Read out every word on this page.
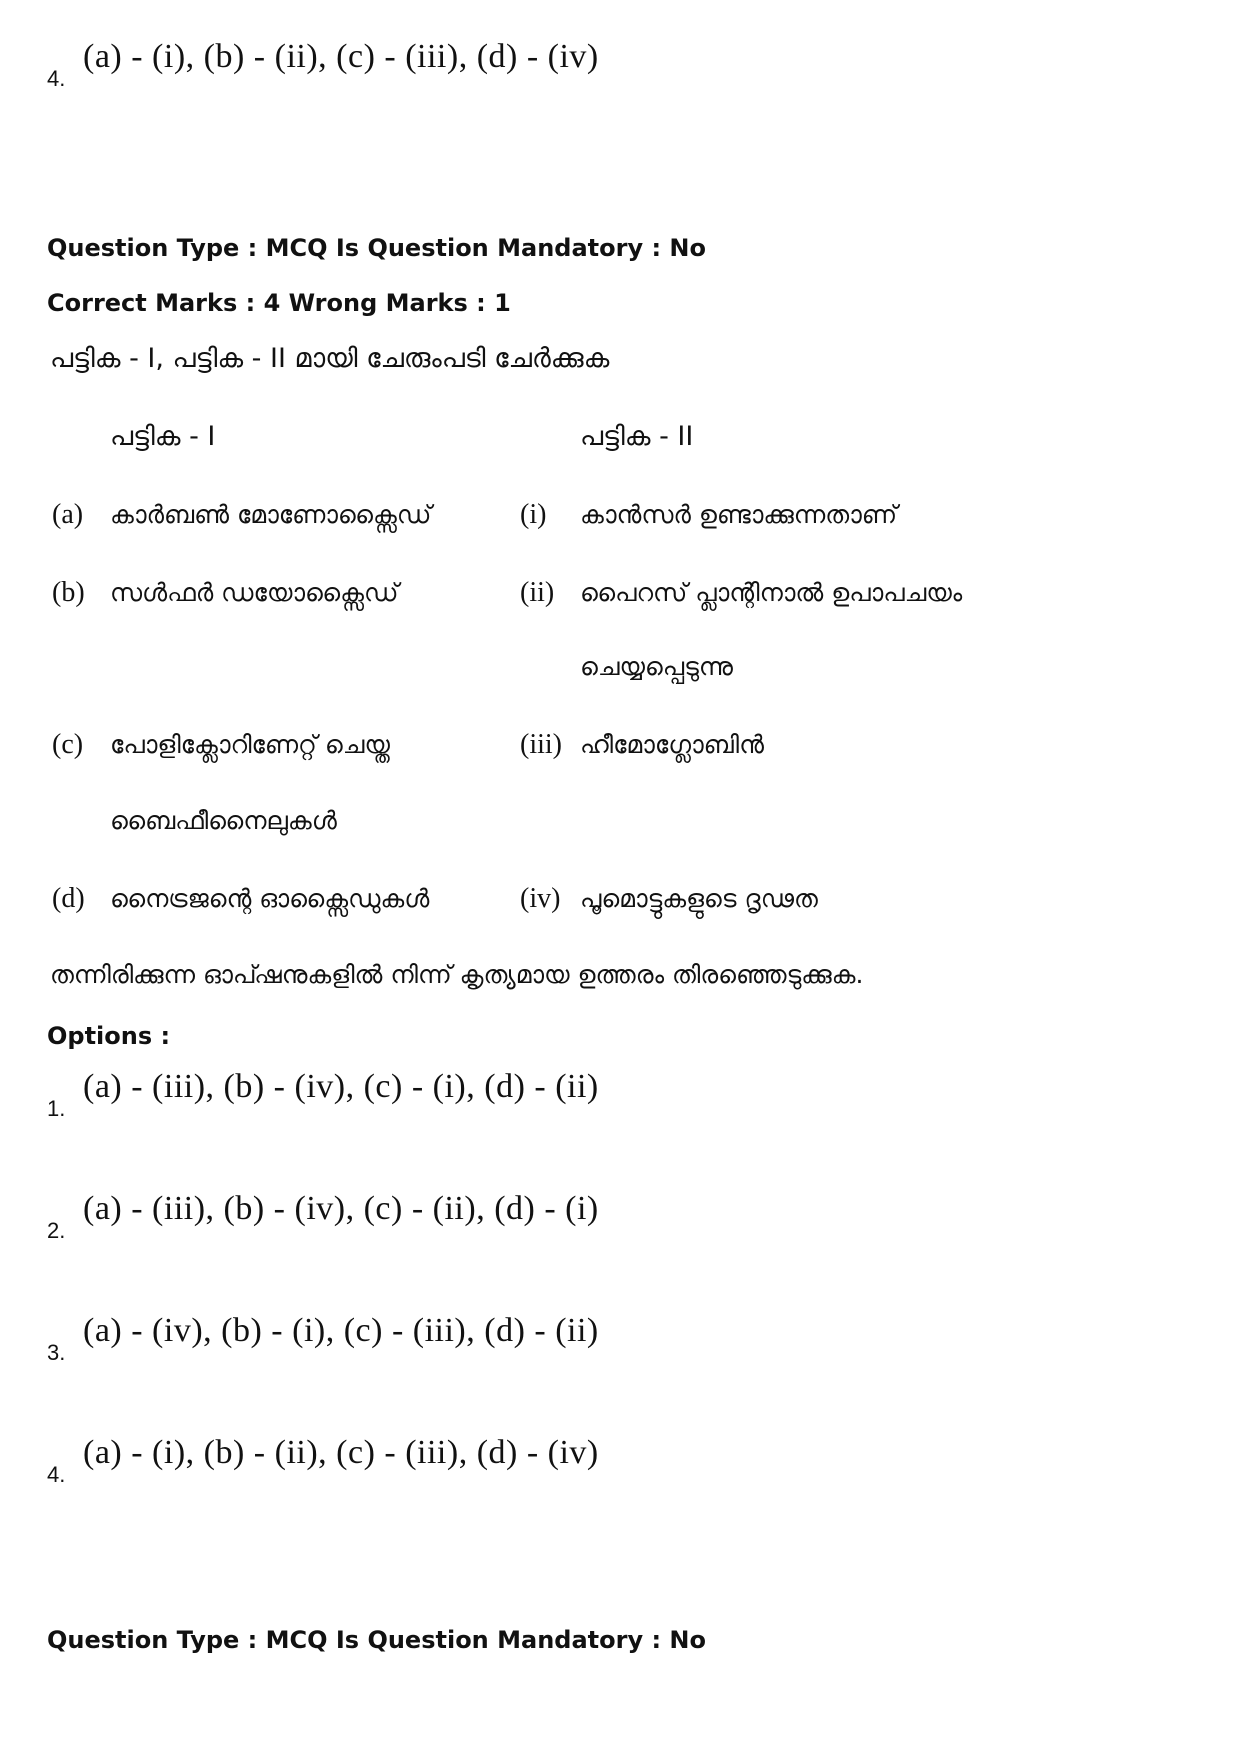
4.
(a) - (i), (b) - (ii), (c) - (iii), (d) - (iv)
Question Type : MCQ Is Question Mandatory : No
Correct Marks : 4 Wrong Marks : 1
പട്ടിക - I, പട്ടിക - II മായി ചേരുംപടി ചേർക്കുക
പട്ടിക - I	പട്ടിക - II
(a) കാർബൺ മോണോക്സൈഡ്
(b) സൾഫർ ഡയോക്സൈഡ്
(c) പോളിക്ലോറിണേറ്റ് ചെയ്ത
ബൈഫീനൈലുകൾ
(d) നൈട്രജന്റെ ഓക്സൈഡുകൾ
(i) കാൻസർ ഉണ്ടാക്കുന്നതാണ്
(ii) പൈറസ് പ്ലാന്റിനാൽ ഉപാപചയം
ചെയ്യപ്പെടുന്നു
(iii) ഹീമോഗ്ലോബിൻ
(iv) പൂമൊട്ടുകളുടെ ദൃഢത
തന്നിരിക്കുന്ന ഓപ്ഷനുകളിൽ നിന്ന് കൃത്യമായ ഉത്തരം തിരഞ്ഞെടുക്കുക.
Options :
1.
(a) - (iii), (b) - (iv), (c) - (i), (d) - (ii)
2.
(a) - (iii), (b) - (iv), (c) - (ii), (d) - (i)
3.
(a) - (iv), (b) - (i), (c) - (iii), (d) - (ii)
4.
(a) - (i), (b) - (ii), (c) - (iii), (d) - (iv)
Question Type : MCQ Is Question Mandatory : No
